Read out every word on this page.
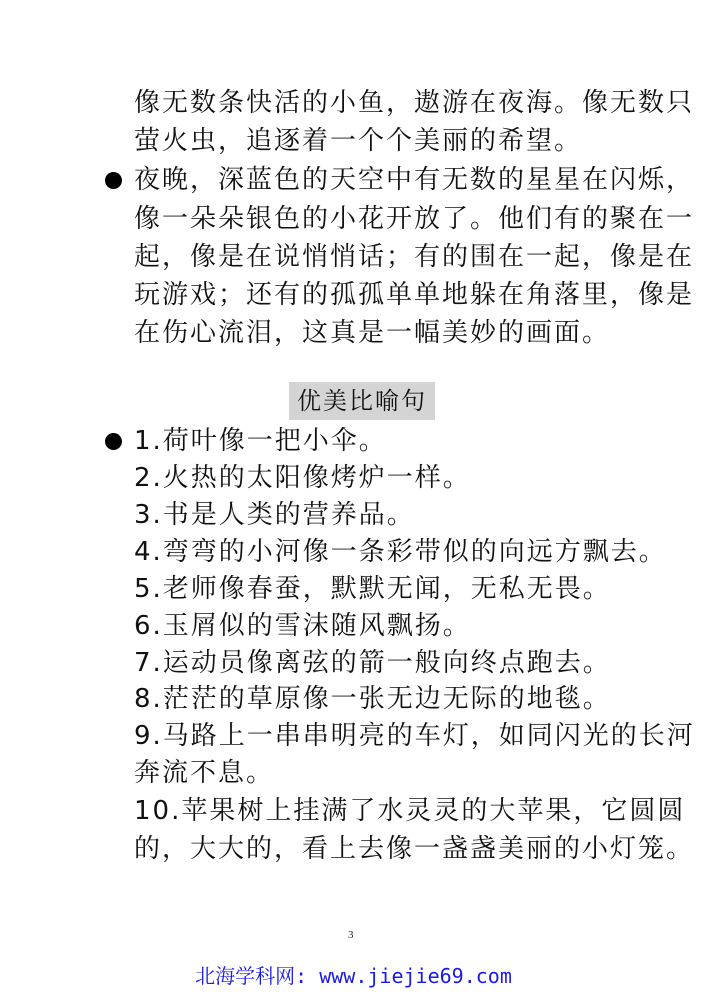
像无数条快活的小鱼，遨游在夜海。像无数只
萤火虫，追逐着一个个美丽的希望。
夜晚，深蓝色的天空中有无数的星星在闪烁，
像一朵朵银色的小花开放了。他们有的聚在一
起，像是在说悄悄话；有的围在一起，像是在
玩游戏；还有的孤孤单单地躲在角落里，像是
在伤心流泪，这真是一幅美妙的画面。
优美比喻句
1.荷叶像一把小伞。
2.火热的太阳像烤炉一样。
3.书是人类的营养品。
4.弯弯的小河像一条彩带似的向远方飘去。
5.老师像春蚕，默默无闻，无私无畏。
6.玉屑似的雪沫随风飘扬。
7.运动员像离弦的箭一般向终点跑去。
8.茫茫的草原像一张无边无际的地毯。
9.马路上一串串明亮的车灯，如同闪光的长河
奔流不息。
10.苹果树上挂满了水灵灵的大苹果，它圆圆
的，大大的，看上去像一盏盏美丽的小灯笼。
3
北海学科网: www.jiejie69.com
